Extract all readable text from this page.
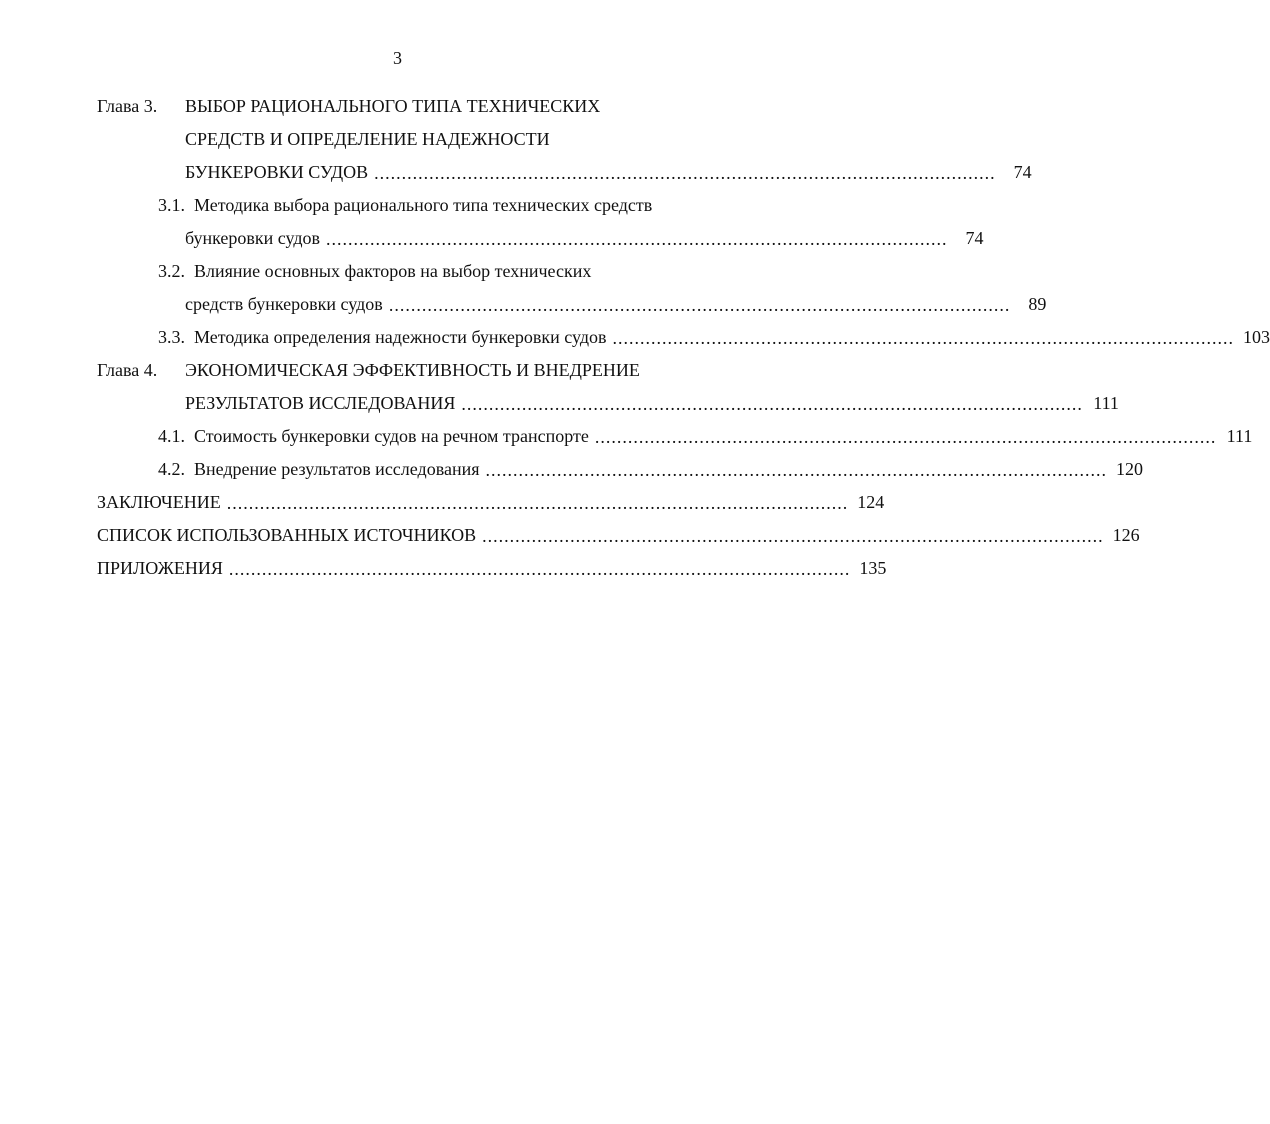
3
Глава 3.	ВЫБОР РАЦИОНАЛЬНОГО ТИПА ТЕХНИЧЕСКИХ
СРЕДСТВ И ОПРЕДЕЛЕНИЕ НАДЕЖНОСТИ
БУНКЕРОВКИ СУДОВ .................................................................................................................	74
3.1. Методика выбора рационального типа технических средств
бункеровки судов .................................................................................................................	74
3.2. Влияние основных факторов на выбор технических
средств бункеровки судов .................................................................................................................	89
3.3. Методика определения надежности бункеровки судов ................................................................................................................. 103
Глава 4.	ЭКОНОМИЧЕСКАЯ ЭФФЕКТИВНОСТЬ И ВНЕДРЕНИЕ
РЕЗУЛЬТАТОВ ИССЛЕДОВАНИЯ ................................................................................................................. 111
4.1. Стоимость бункеровки судов на речном транспорте ................................................................................................................. 111
4.2. Внедрение результатов исследования ................................................................................................................. 120
ЗАКЛЮЧЕНИЕ ................................................................................................................. 124
СПИСОК ИСПОЛЬЗОВАННЫХ ИСТОЧНИКОВ ................................................................................................................. 126
ПРИЛОЖЕНИЯ ................................................................................................................. 135
